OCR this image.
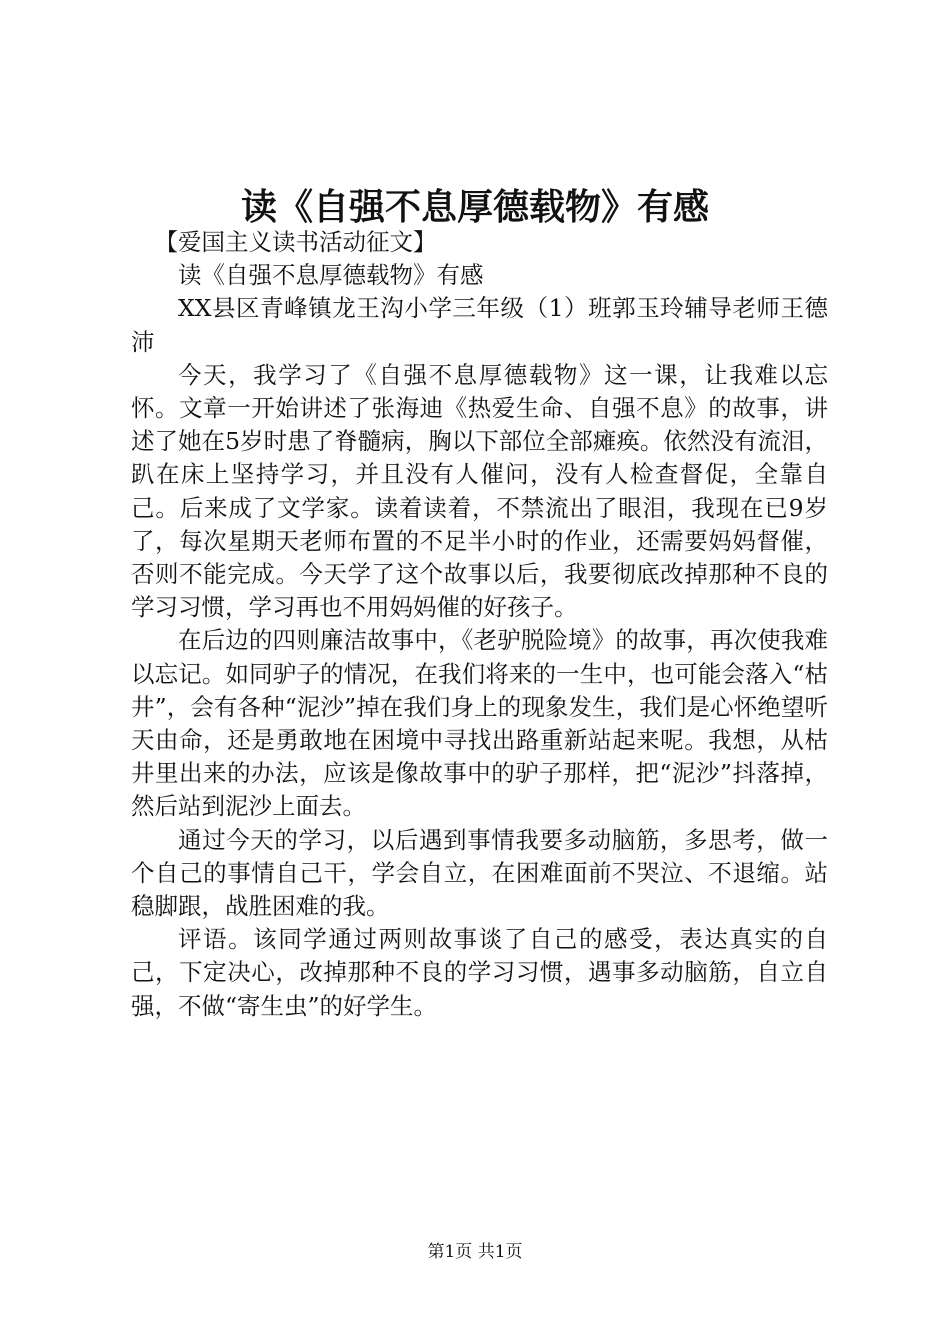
读《自强不息厚德载物》有感

【爱国主义读书活动征文】

读《自强不息厚德载物》有感

XX县区青峰镇龙王沟小学三年级（1）班郭玉玲辅导老师王德沛

今天，我学习了《自强不息厚德载物》这一课，让我难以忘怀。文章一开始讲述了张海迪《热爱生命、自强不息》的故事，讲述了她在5岁时患了脊髓病，胸以下部位全部瘫痪。依然没有流泪，趴在床上坚持学习，并且没有人催问，没有人检查督促，全靠自己。后来成了文学家。读着读着，不禁流出了眼泪，我现在已9岁了，每次星期天老师布置的不足半小时的作业，还需要妈妈督催，否则不能完成。今天学了这个故事以后，我要彻底改掉那种不良的学习习惯，学习再也不用妈妈催的好孩子。

在后边的四则廉洁故事中，《老驴脱险境》的故事，再次使我难以忘记。如同驴子的情况，在我们将来的一生中，也可能会落入“枯井”，会有各种“泥沙”掉在我们身上的现象发生，我们是心怀绝望听天由命，还是勇敢地在困境中寻找出路重新站起来呢。我想，从枯井里出来的办法，应该是像故事中的驴子那样，把“泥沙”抖落掉，然后站到泥沙上面去。

通过今天的学习，以后遇到事情我要多动脑筋，多思考，做一个自己的事情自己干，学会自立，在困难面前不哭泣、不退缩。站稳脚跟，战胜困难的我。

评语。该同学通过两则故事谈了自己的感受，表达真实的自己，下定决心，改掉那种不良的学习习惯，遇事多动脑筋，自立自强，不做“寄生虫”的好学生。

第1页 共1页
